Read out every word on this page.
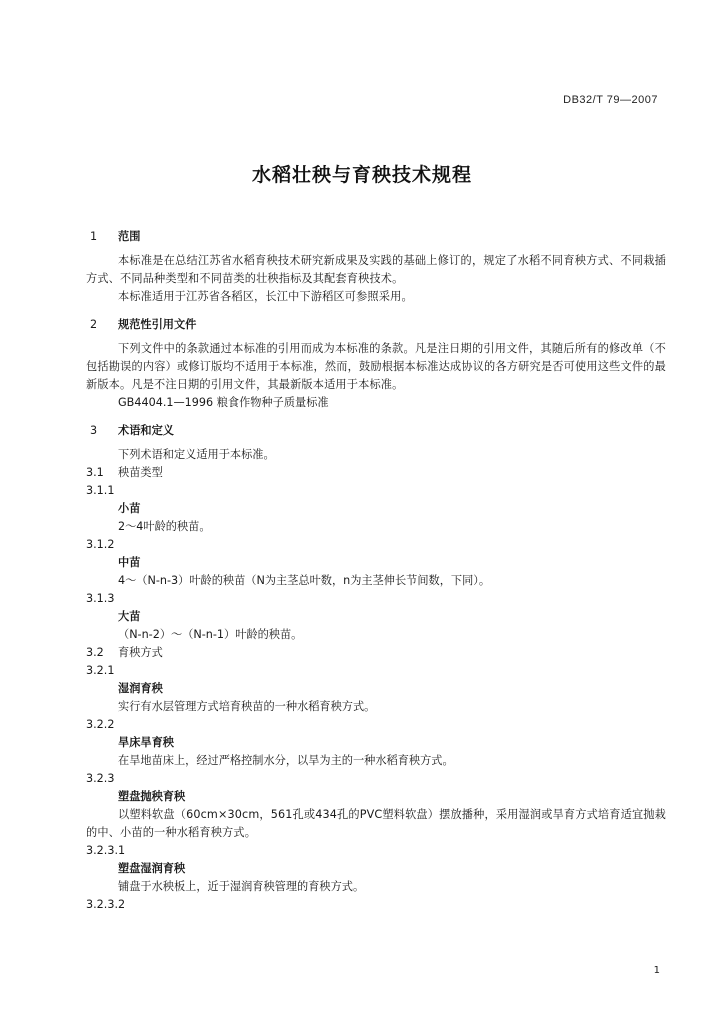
DB32/T 79—2007
水稻壮秧与育秧技术规程
1 范围
本标准是在总结江苏省水稻育秧技术研究新成果及实践的基础上修订的，规定了水稻不同育秧方式、不同栽插方式、不同品种类型和不同苗类的壮秧指标及其配套育秧技术。
本标准适用于江苏省各稻区，长江中下游稻区可参照采用。
2 规范性引用文件
下列文件中的条款通过本标准的引用而成为本标准的条款。凡是注日期的引用文件，其随后所有的修改单（不包括勘误的内容）或修订版均不适用于本标准，然而，鼓励根据本标准达成协议的各方研究是否可使用这些文件的最新版本。凡是不注日期的引用文件，其最新版本适用于本标准。
GB4404.1—1996 粮食作物种子质量标准
3 术语和定义
下列术语和定义适用于本标准。
3.1 秧苗类型
3.1.1
小苗
2～4叶龄的秧苗。
3.1.2
中苗
4～（N-n-3）叶龄的秧苗（N为主茎总叶数，n为主茎伸长节间数，下同）。
3.1.3
大苗
（N-n-2）～（N-n-1）叶龄的秧苗。
3.2 育秧方式
3.2.1
湿润育秧
实行有水层管理方式培育秧苗的一种水稻育秧方式。
3.2.2
旱床旱育秧
在旱地苗床上，经过严格控制水分，以旱为主的一种水稻育秧方式。
3.2.3
塑盘抛秧育秧
以塑料软盘（60cm×30cm，561孔或434孔的PVC塑料软盘）摆放播种，采用湿润或旱育方式培育适宜抛栽的中、小苗的一种水稻育秧方式。
3.2.3.1
塑盘湿润育秧
铺盘于水秧板上，近于湿润育秧管理的育秧方式。
3.2.3.2
1
